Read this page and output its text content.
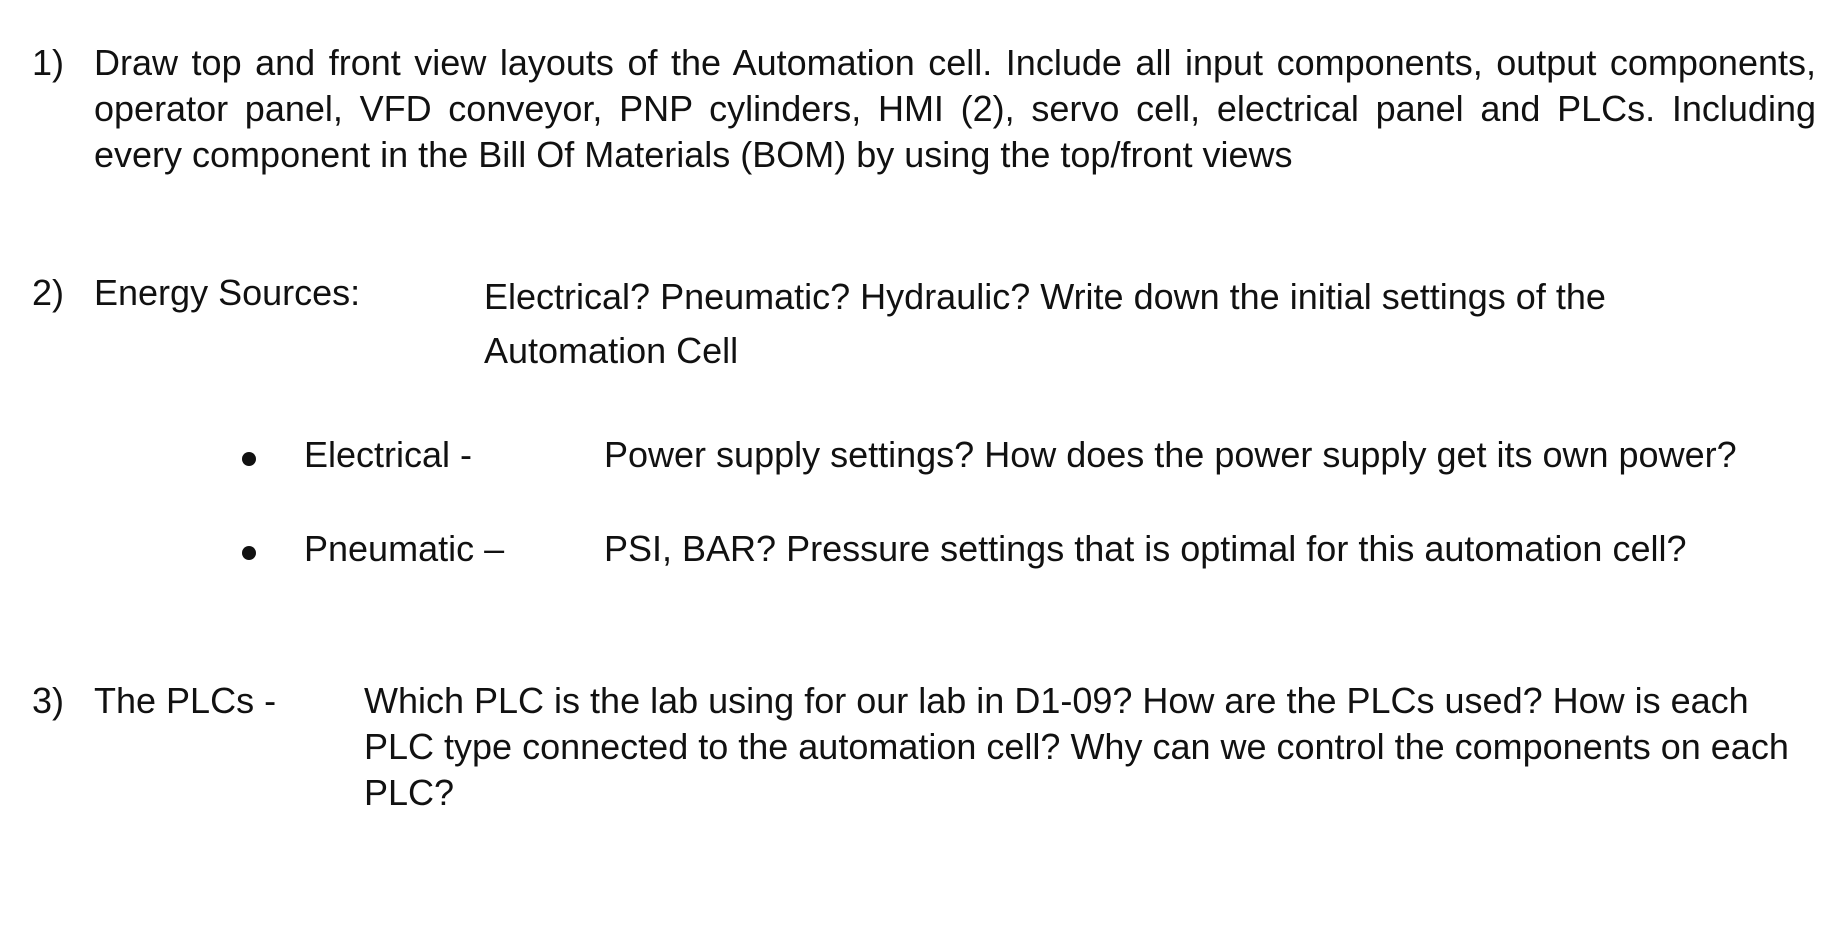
1) Draw top and front view layouts of the Automation cell. Include all input components, output components, operator panel, VFD conveyor, PNP cylinders, HMI (2), servo cell, electrical panel and PLCs. Including every component in the Bill Of Materials (BOM) by using the top/front views
2) Energy Sources:	Electrical? Pneumatic? Hydraulic? Write down the initial settings of the Automation Cell
Electrical -	Power supply settings? How does the power supply get its own power?
Pneumatic –	PSI, BAR? Pressure settings that is optimal for this automation cell?
3) The PLCs - Which PLC is the lab using for our lab in D1-09? How are the PLCs used? How is each PLC type connected to the automation cell? Why can we control the components on each PLC?
